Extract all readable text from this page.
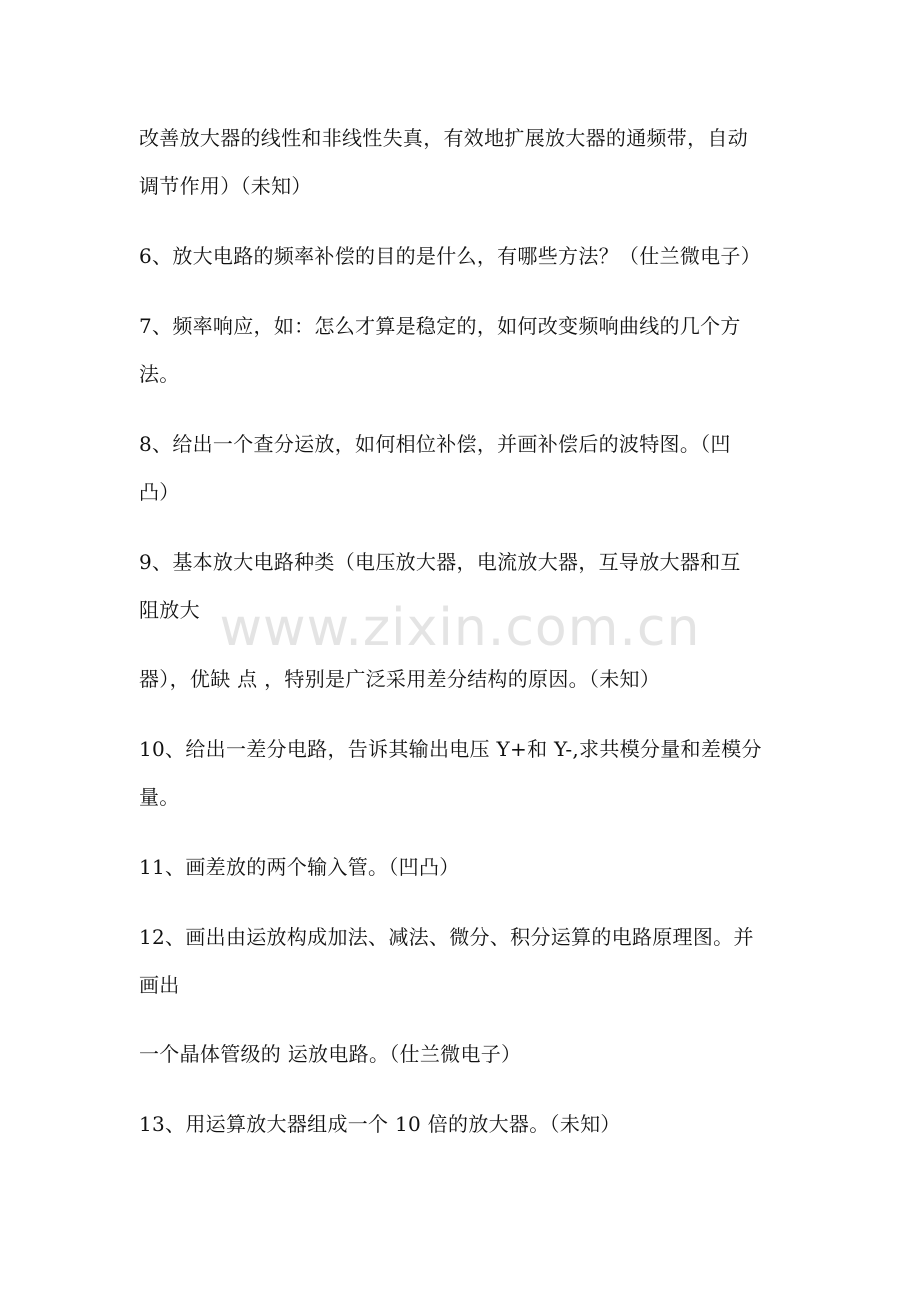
www.zixin.com.cn
改善放大器的线性和非线性失真，有效地扩展放大器的通频带，自动
调节作用）（未知）
6、放大电路的频率补偿的目的是什么，有哪些方法？（仕兰微电子）
7、频率响应，如：怎么才算是稳定的，如何改变频响曲线的几个方
法。
8、给出一个查分运放，如何相位补偿，并画补偿后的波特图。（凹
凸）
9、基本放大电路种类（电压放大器，电流放大器，互导放大器和互
阻放大
器），优缺 点 ，特别是广泛采用差分结构的原因。（未知）
10、给出一差分电路，告诉其输出电压 Y+和 Y-,求共模分量和差模分
量。
11、画差放的两个输入管。（凹凸）
12、画出由运放构成加法、减法、微分、积分运算的电路原理图。并
画出
一个晶体管级的 运放电路。（仕兰微电子）
13、用运算放大器组成一个 10 倍的放大器。（未知）
